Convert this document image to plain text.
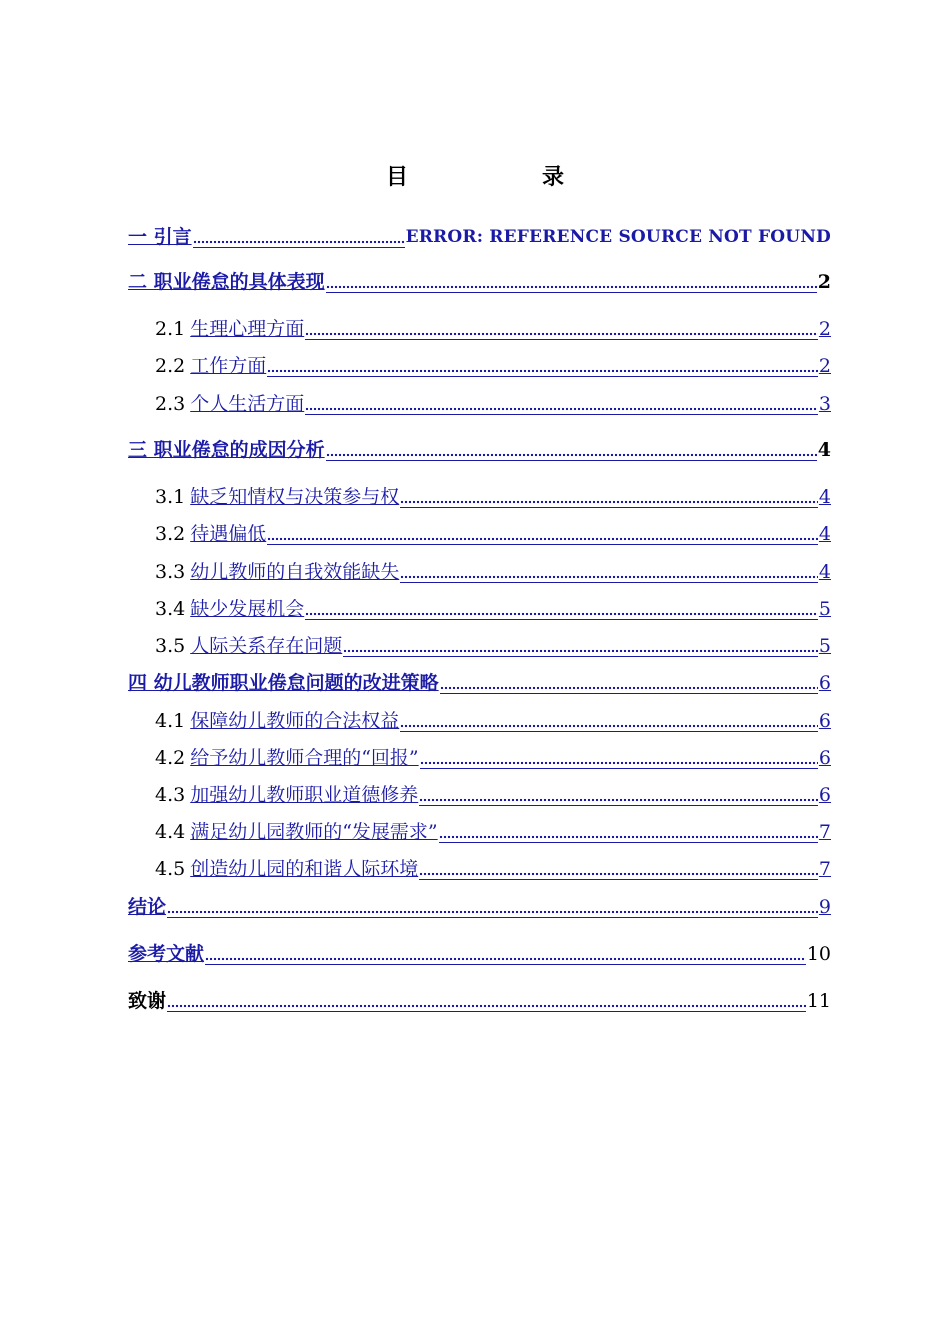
目　录
一 引言	ERROR: REFERENCE SOURCE NOT FOUND
二 职业倦怠的具体表现	2
2.1 生理心理方面	2
2.2 工作方面	2
2.3 个人生活方面	3
三 职业倦怠的成因分析	4
3.1 缺乏知情权与决策参与权	4
3.2 待遇偏低	4
3.3 幼儿教师的自我效能缺失	4
3.4 缺少发展机会	5
3.5 人际关系存在问题	5
四 幼儿教师职业倦怠问题的改进策略	6
4.1 保障幼儿教师的合法权益	6
4.2 给予幼儿教师合理的“回报”	6
4.3 加强幼儿教师职业道德修养	6
4.4 满足幼儿园教师的“发展需求”	7
4.5 创造幼儿园的和谐人际环境	7
结论	9
参考文献	10
致谢	11
